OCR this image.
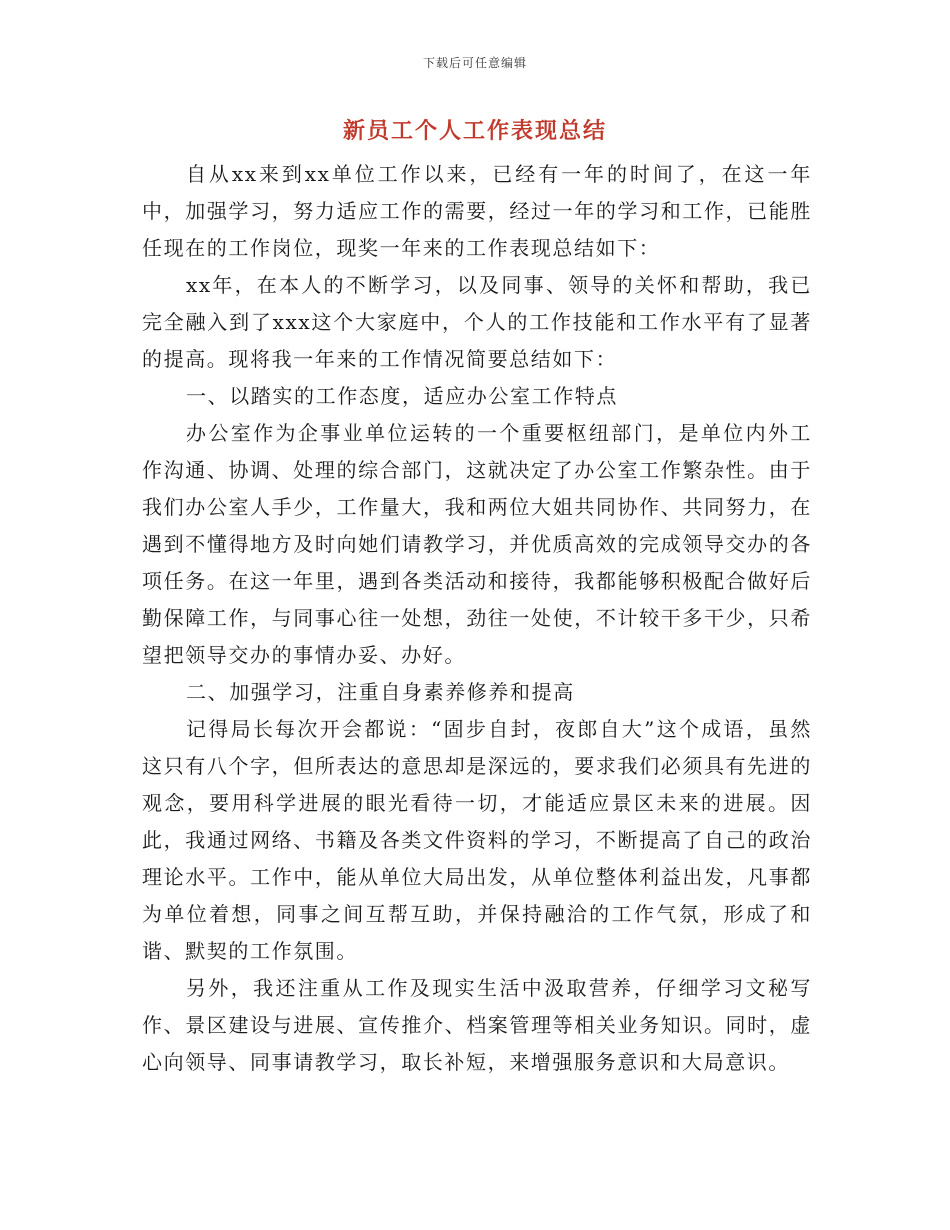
下载后可任意编辑
新员工个人工作表现总结

自从xx来到xx单位工作以来，已经有一年的时间了，在这一年中，加强学习，努力适应工作的需要，经过一年的学习和工作，已能胜任现在的工作岗位，现奖一年来的工作表现总结如下：

xx年，在本人的不断学习，以及同事、领导的关怀和帮助，我已完全融入到了xxx这个大家庭中，个人的工作技能和工作水平有了显著的提高。现将我一年来的工作情况简要总结如下：

一、以踏实的工作态度，适应办公室工作特点

办公室作为企事业单位运转的一个重要枢纽部门，是单位内外工作沟通、协调、处理的综合部门，这就决定了办公室工作繁杂性。由于我们办公室人手少，工作量大，我和两位大姐共同协作、共同努力，在遇到不懂得地方及时向她们请教学习，并优质高效的完成领导交办的各项任务。在这一年里，遇到各类活动和接待，我都能够积极配合做好后勤保障工作，与同事心往一处想，劲往一处使，不计较干多干少，只希望把领导交办的事情办妥、办好。

二、加强学习，注重自身素养修养和提高

记得局长每次开会都说：“固步自封，夜郎自大”这个成语，虽然这只有八个字，但所表达的意思却是深远的，要求我们必须具有先进的观念，要用科学进展的眼光看待一切，才能适应景区未来的进展。因此，我通过网络、书籍及各类文件资料的学习，不断提高了自己的政治理论水平。工作中，能从单位大局出发，从单位整体利益出发，凡事都为单位着想，同事之间互帮互助，并保持融洽的工作气氛，形成了和谐、默契的工作氛围。

另外，我还注重从工作及现实生活中汲取营养，仔细学习文秘写作、景区建设与进展、宣传推介、档案管理等相关业务知识。同时，虚心向领导、同事请教学习，取长补短，来增强服务意识和大局意识。
